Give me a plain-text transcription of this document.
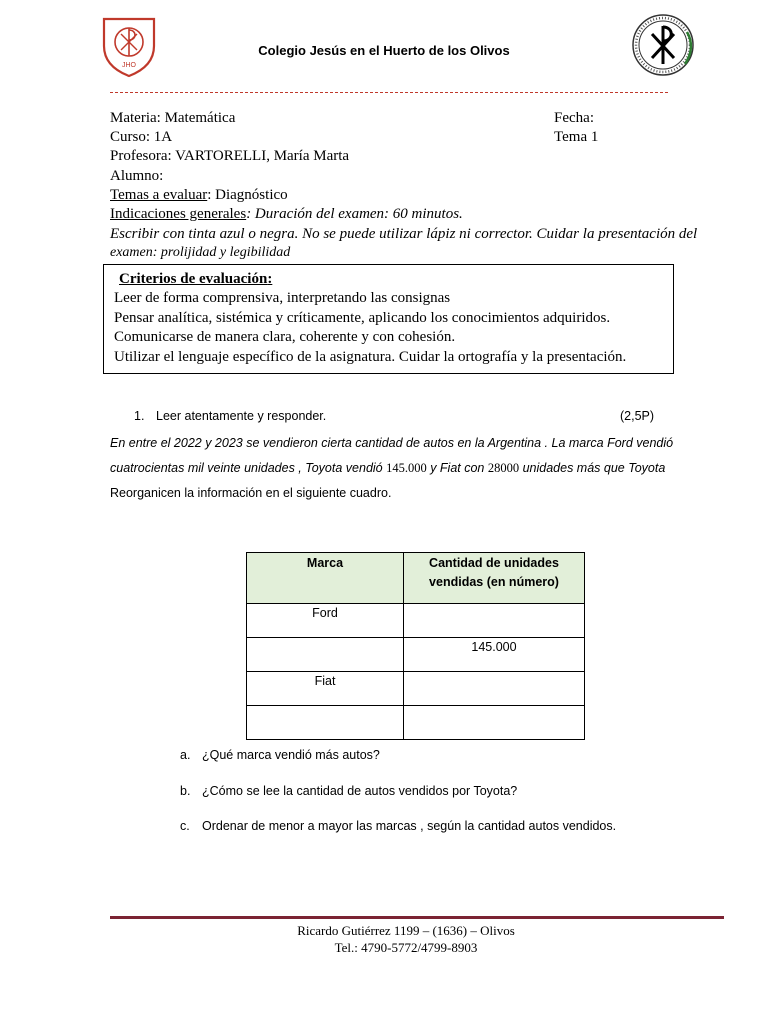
JHO
Colegio Jesús en el Huerto de los Olivos
Materia: Matemática	Fecha:
Curso: 1A	Tema 1
Profesora: VARTORELLI, María Marta
Alumno:
Temas a evaluar: Diagnóstico
Indicaciones generales: Duración del examen: 60 minutos.
Escribir con tinta azul o negra. No se puede utilizar lápiz ni corrector. Cuidar la presentación del
examen: prolijidad y legibilidad
Criterios de evaluación:
Leer de forma comprensiva, interpretando las consignas
Pensar analítica, sistémica y críticamente, aplicando los conocimientos adquiridos.
Comunicarse de manera clara, coherente y con cohesión.
Utilizar el lenguaje específico de la asignatura. Cuidar la ortografía y la presentación.
1. Leer atentamente y responder.	(2,5P)
En entre el 2022 y 2023 se vendieron cierta cantidad de autos en la Argentina . La marca Ford vendió
cuatrocientas mil veinte unidades , Toyota vendió 145.000 y Fiat con 28000 unidades más que Toyota
Reorganicen la información en el siguiente cuadro.
Marca	Cantidad de unidades
vendidas (en número)

Ford	
	145.000
Fiat	

a. ¿Qué marca vendió más autos?
b. ¿Cómo se lee la cantidad de autos vendidos por Toyota?
c. Ordenar de menor a mayor las marcas , según la cantidad autos vendidos.
Ricardo Gutiérrez 1199 – (1636) – Olivos
Tel.: 4790-5772/4799-8903
